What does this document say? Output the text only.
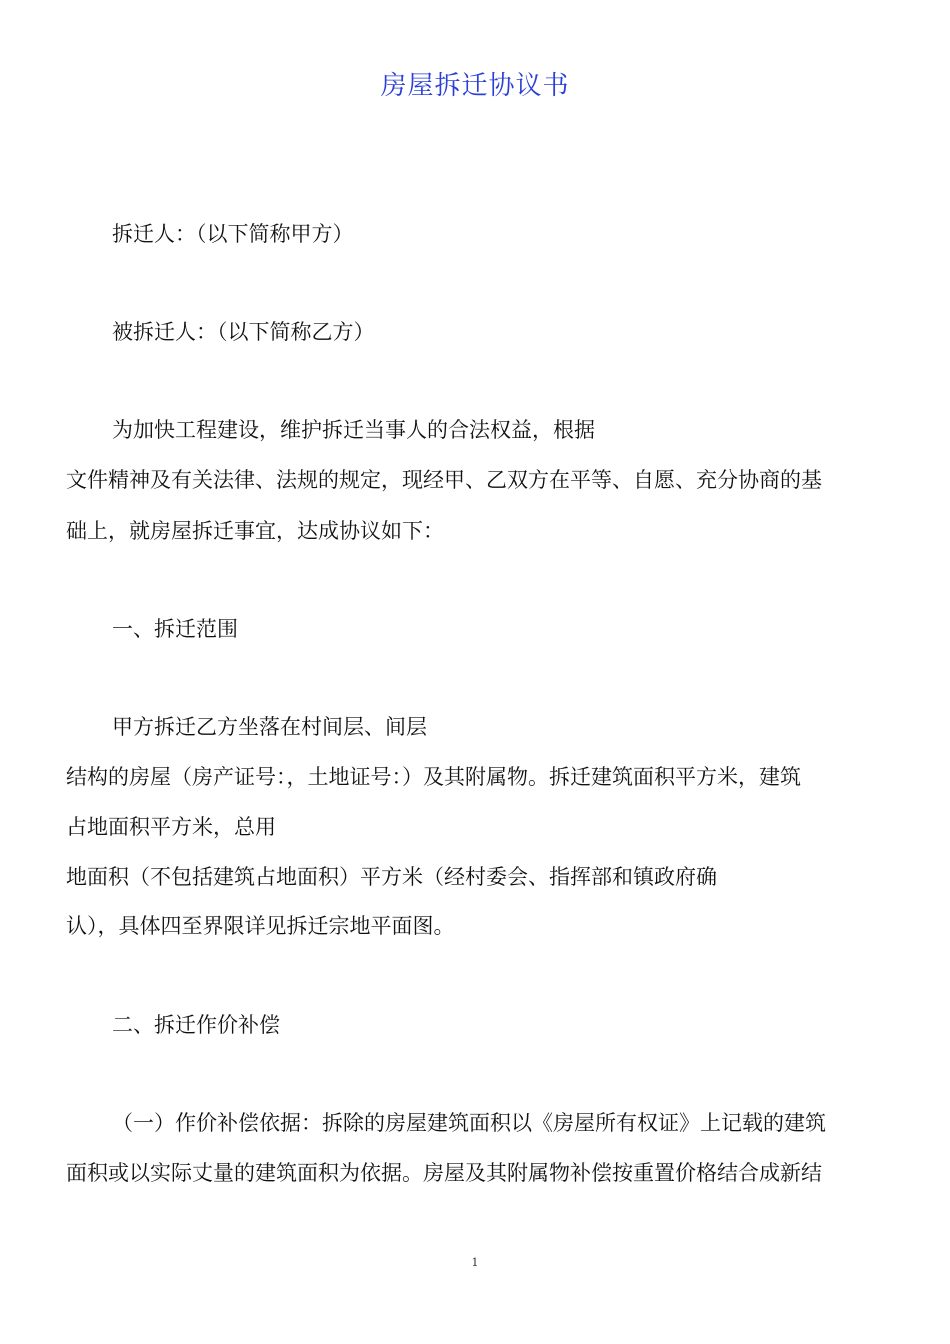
房屋拆迁协议书
拆迁人：（以下简称甲方）
被拆迁人：（以下简称乙方）
为加快工程建设，维护拆迁当事人的合法权益，根据
文件精神及有关法律、法规的规定，现经甲、乙双方在平等、自愿、充分协商的基
础上，就房屋拆迁事宜，达成协议如下：
一、拆迁范围
甲方拆迁乙方坐落在村间层、间层
结构的房屋（房产证号：，土地证号：）及其附属物。拆迁建筑面积平方米，建筑
占地面积平方米，总用
地面积（不包括建筑占地面积）平方米（经村委会、指挥部和镇政府确
认），具体四至界限详见拆迁宗地平面图。
二、拆迁作价补偿
（一）作价补偿依据：拆除的房屋建筑面积以《房屋所有权证》上记载的建筑
面积或以实际丈量的建筑面积为依据。房屋及其附属物补偿按重置价格结合成新结
1
